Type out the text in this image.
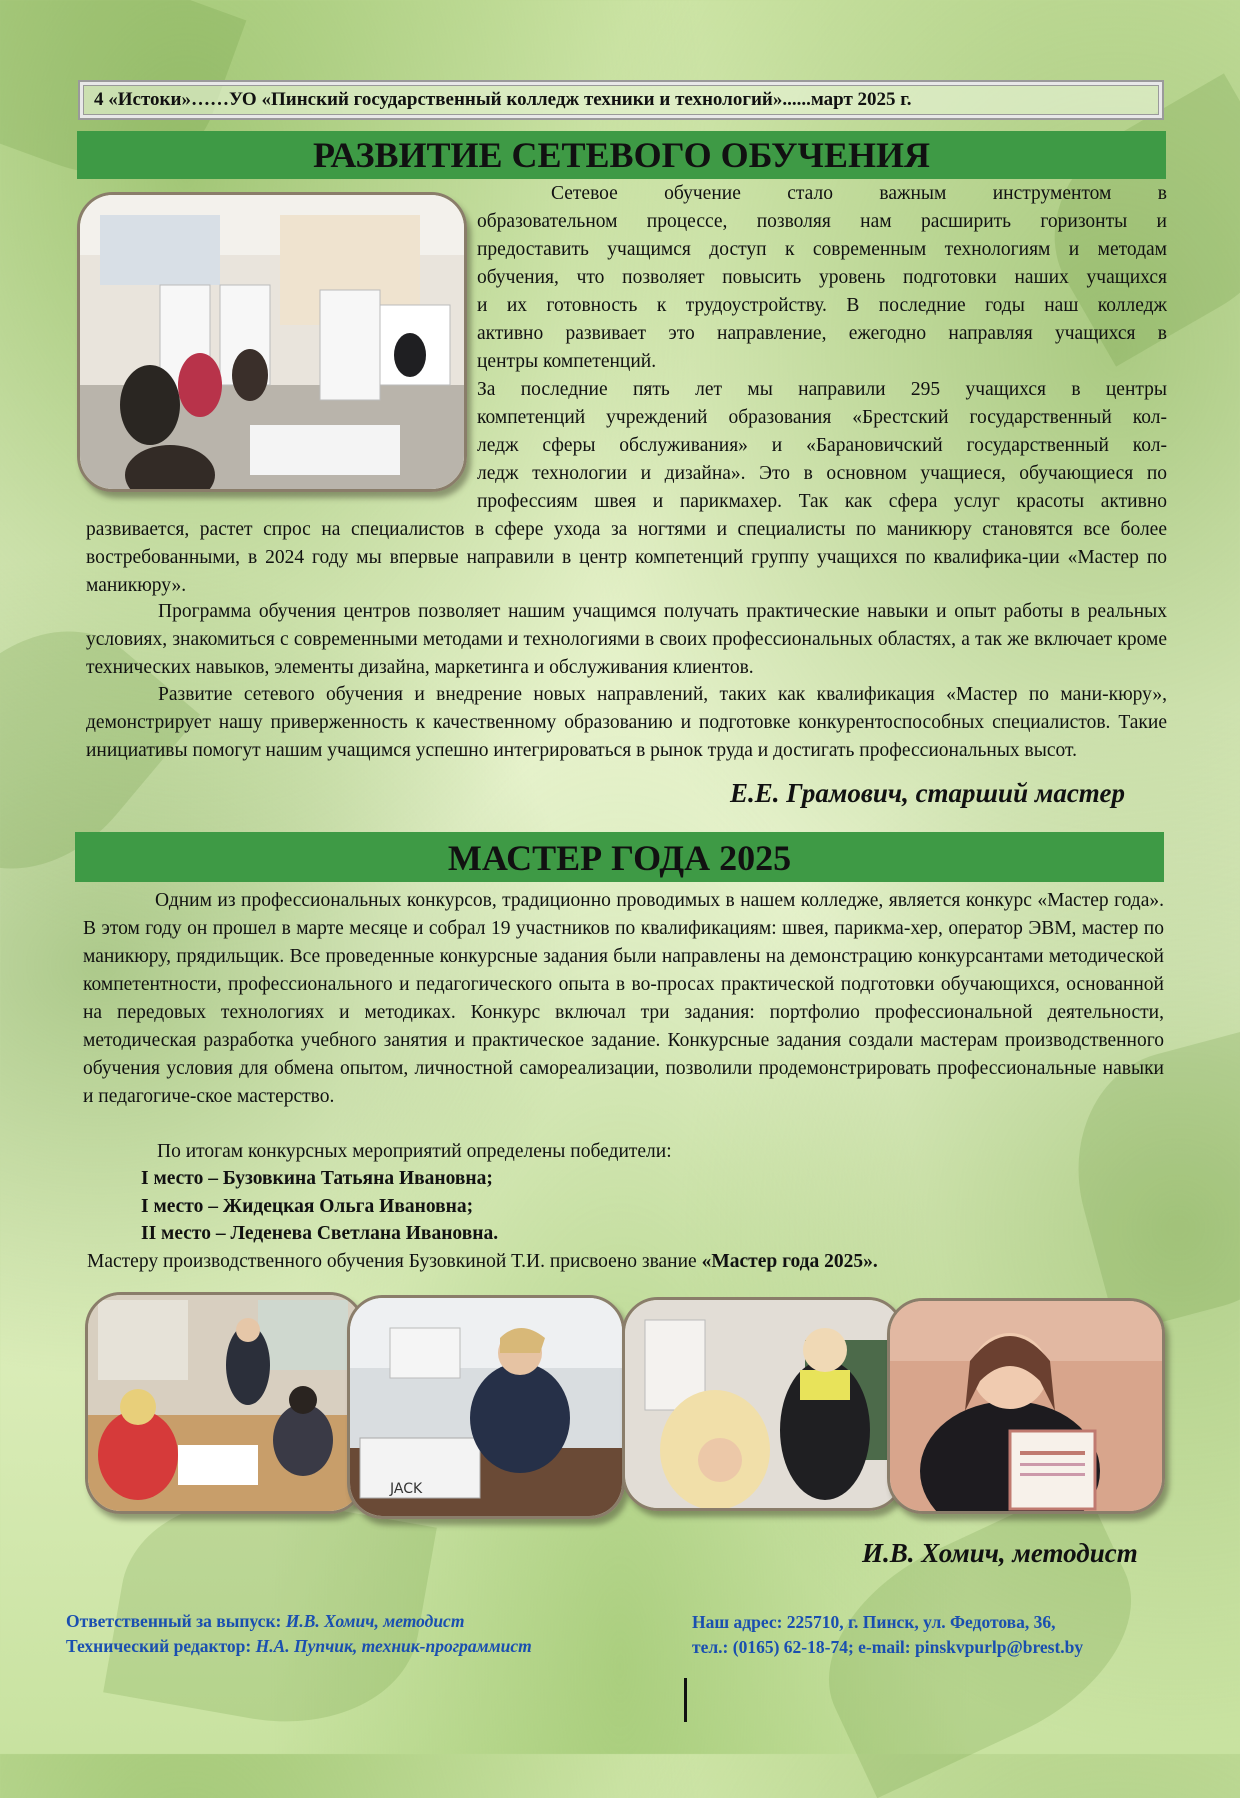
4 «Истоки»……УО «Пинский государственный колледж техники и технологий»......март 2025 г.
РАЗВИТИЕ СЕТЕВОГО ОБУЧЕНИЯ
Сетевое обучение стало важным инструментом в
образовательном процессе, позволяя нам расширить горизонты и
предоставить учащимся доступ к современным технологиям и методам
обучения, что позволяет повысить уровень подготовки наших учащихся
и их готовность к трудоустройству. В последние годы наш колледж
активно развивает это направление, ежегодно направляя учащихся в
центры компетенций.
За последние пять лет мы направили 295 учащихся в центры
компетенций учреждений образования «Брестский государственный кол-
ледж сферы обслуживания» и «Барановичский государственный кол-
ледж технологии и дизайна». Это в основном учащиеся, обучающиеся по
профессиям швея и парикмахер. Так как сфера услуг красоты активно
развивается, растет спрос на специалистов в сфере ухода за ногтями и специалисты по маникюру становятся все более востребованными, в 2024 году мы впервые направили в центр компетенций группу учащихся по квалифика-ции «Мастер по маникюру».
Программа обучения центров позволяет нашим учащимся получать практические навыки и опыт работы в реальных условиях, знакомиться с современными методами и технологиями в своих профессиональных областях, а так же включает кроме технических навыков, элементы дизайна, маркетинга и обслуживания клиентов.
Развитие сетевого обучения и внедрение новых направлений, таких как квалификация «Мастер по мани-кюру», демонстрирует нашу приверженность к качественному образованию и подготовке конкурентоспособных специалистов. Такие инициативы помогут нашим учащимся успешно интегрироваться в рынок труда и достигать профессиональных высот.
Е.Е. Грамович, старший мастер
МАСТЕР ГОДА 2025
Одним из профессиональных конкурсов, традиционно проводимых в нашем колледже, является конкурс «Мастер года». В этом году он прошел в марте месяце и собрал 19 участников по квалификациям: швея, парикма-хер, оператор ЭВМ, мастер по маникюру, прядильщик. Все проведенные конкурсные задания были направлены на демонстрацию конкурсантами методической компетентности, профессионального и педагогического опыта в во-просах практической подготовки обучающихся, основанной на передовых технологиях и методиках. Конкурс включал три задания: портфолио профессиональной деятельности, методическая разработка учебного занятия и практическое задание. Конкурсные задания создали мастерам производственного обучения условия для обмена опытом, личностной самореализации, позволили продемонстрировать профессиональные навыки и педагогиче-ское мастерство.
По итогам конкурсных мероприятий определены победители:
I место – Бузовкина Татьяна Ивановна;
I место – Жидецкая Ольга Ивановна;
II место – Леденева Светлана Ивановна.
Мастеру производственного обучения Бузовкиной Т.И. присвоено звание «Мастер года 2025».
JACK
И.В. Хомич, методист
Ответственный за выпуск: И.В. Хомич, методист
Технический редактор: Н.А. Пупчик, техник-программист
Наш адрес: 225710, г. Пинск, ул. Федотова, 36,
тел.: (0165) 62-18-74; e-mail: pinskvpurlp@brest.by
